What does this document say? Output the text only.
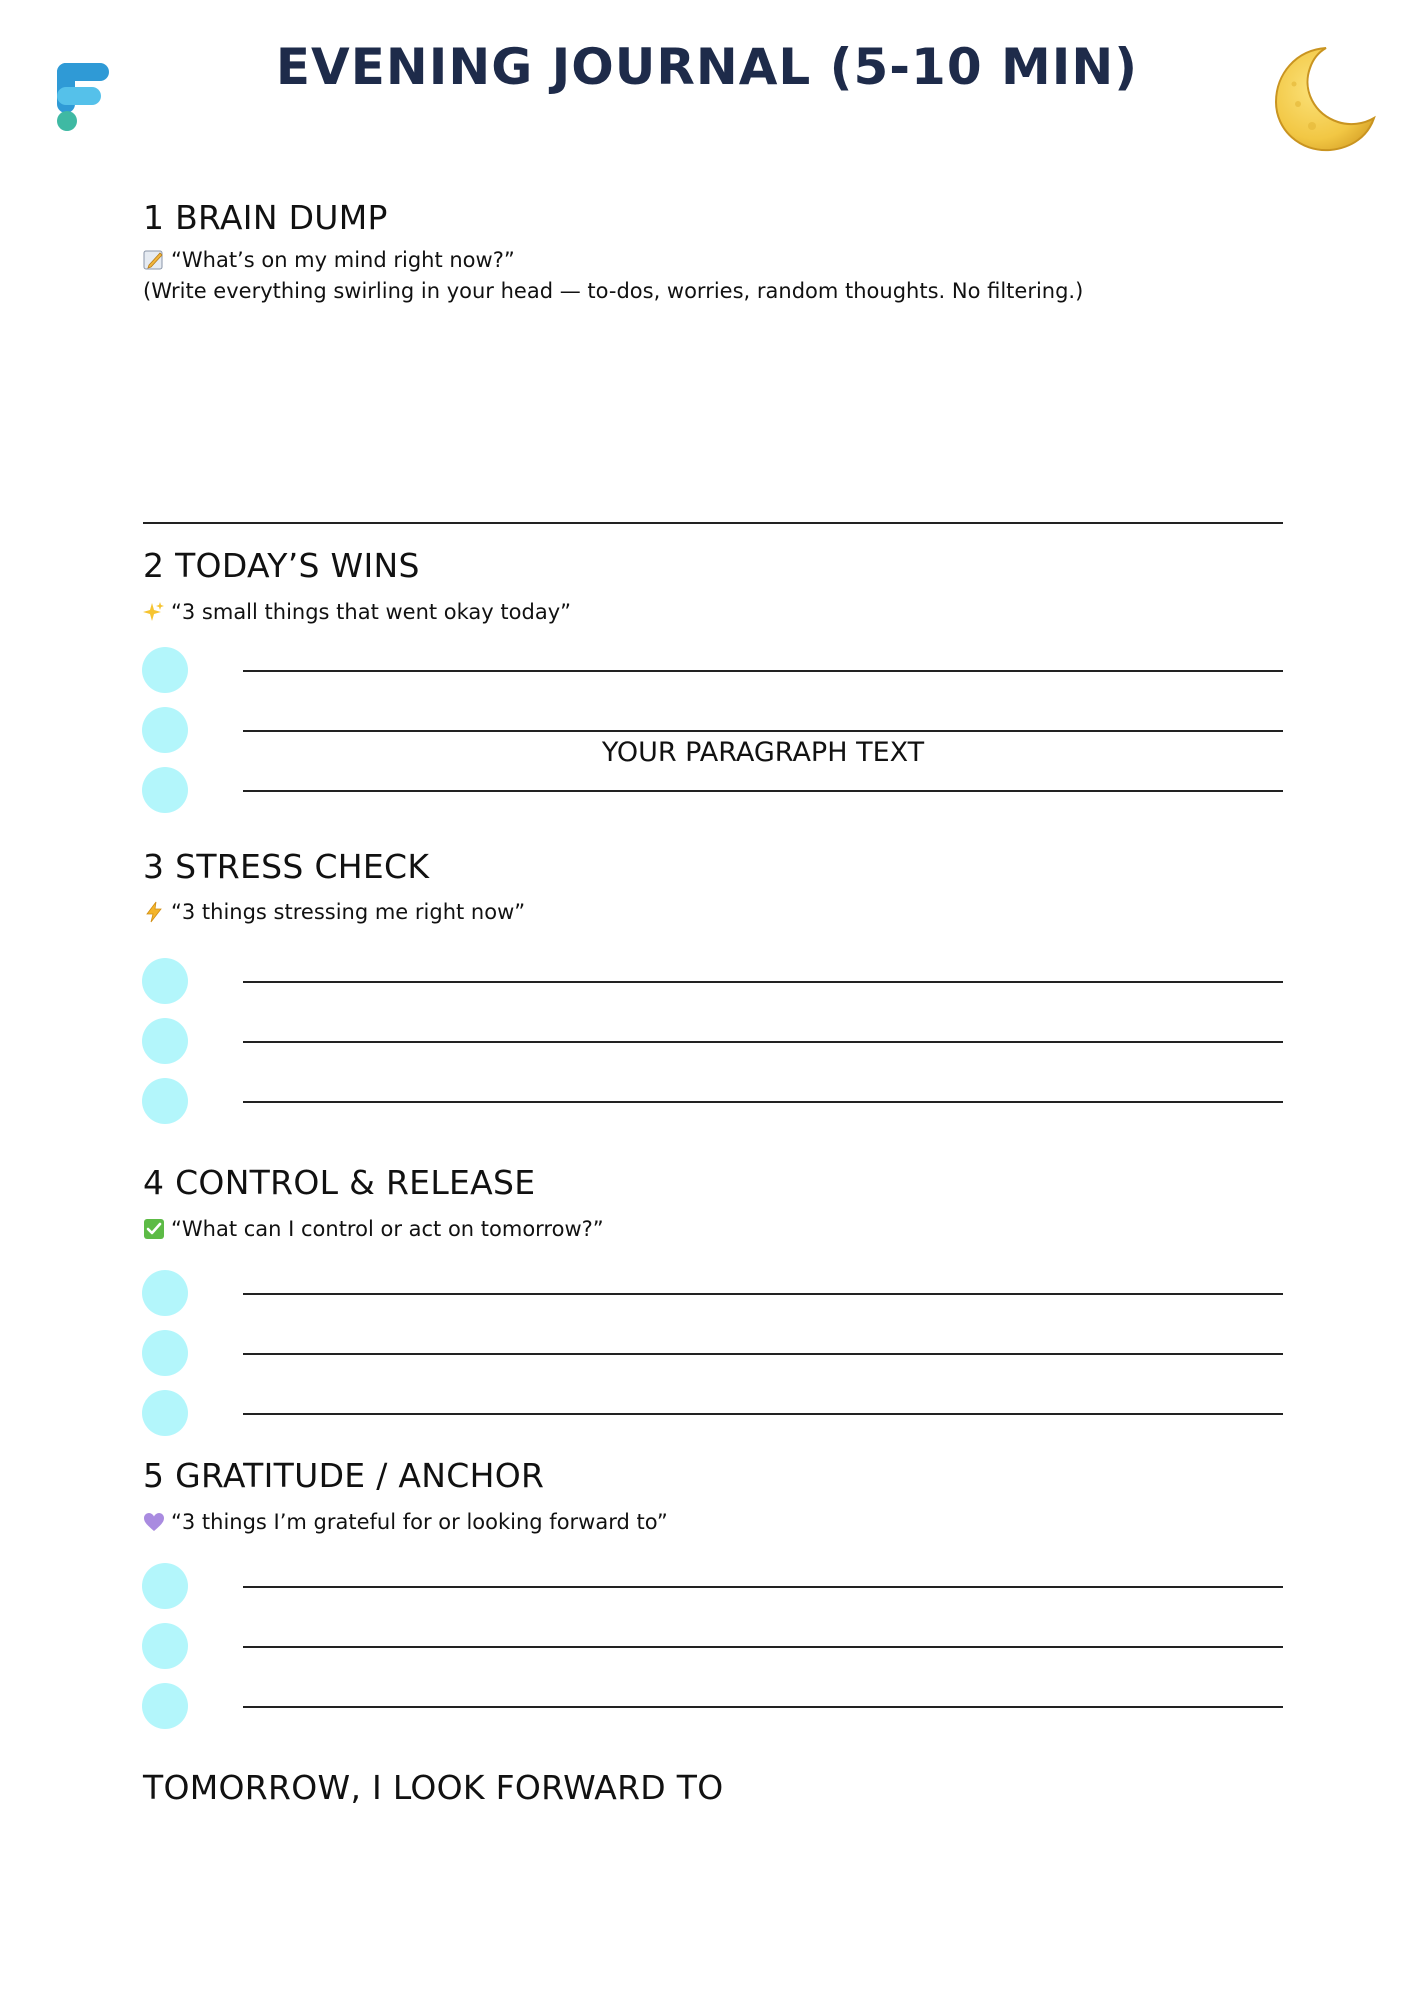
EVENING JOURNAL (5-10 MIN)
1 BRAIN DUMP
“What’s on my mind right now?”
(Write everything swirling in your head — to-dos, worries, random thoughts. No filtering.)
2 TODAY’S WINS
“3 small things that went okay today”
YOUR PARAGRAPH TEXT
3 STRESS CHECK
“3 things stressing me right now”
4 CONTROL & RELEASE
“What can I control or act on tomorrow?”
5 GRATITUDE / ANCHOR
“3 things I’m grateful for or looking forward to”
TOMORROW, I LOOK FORWARD TO
